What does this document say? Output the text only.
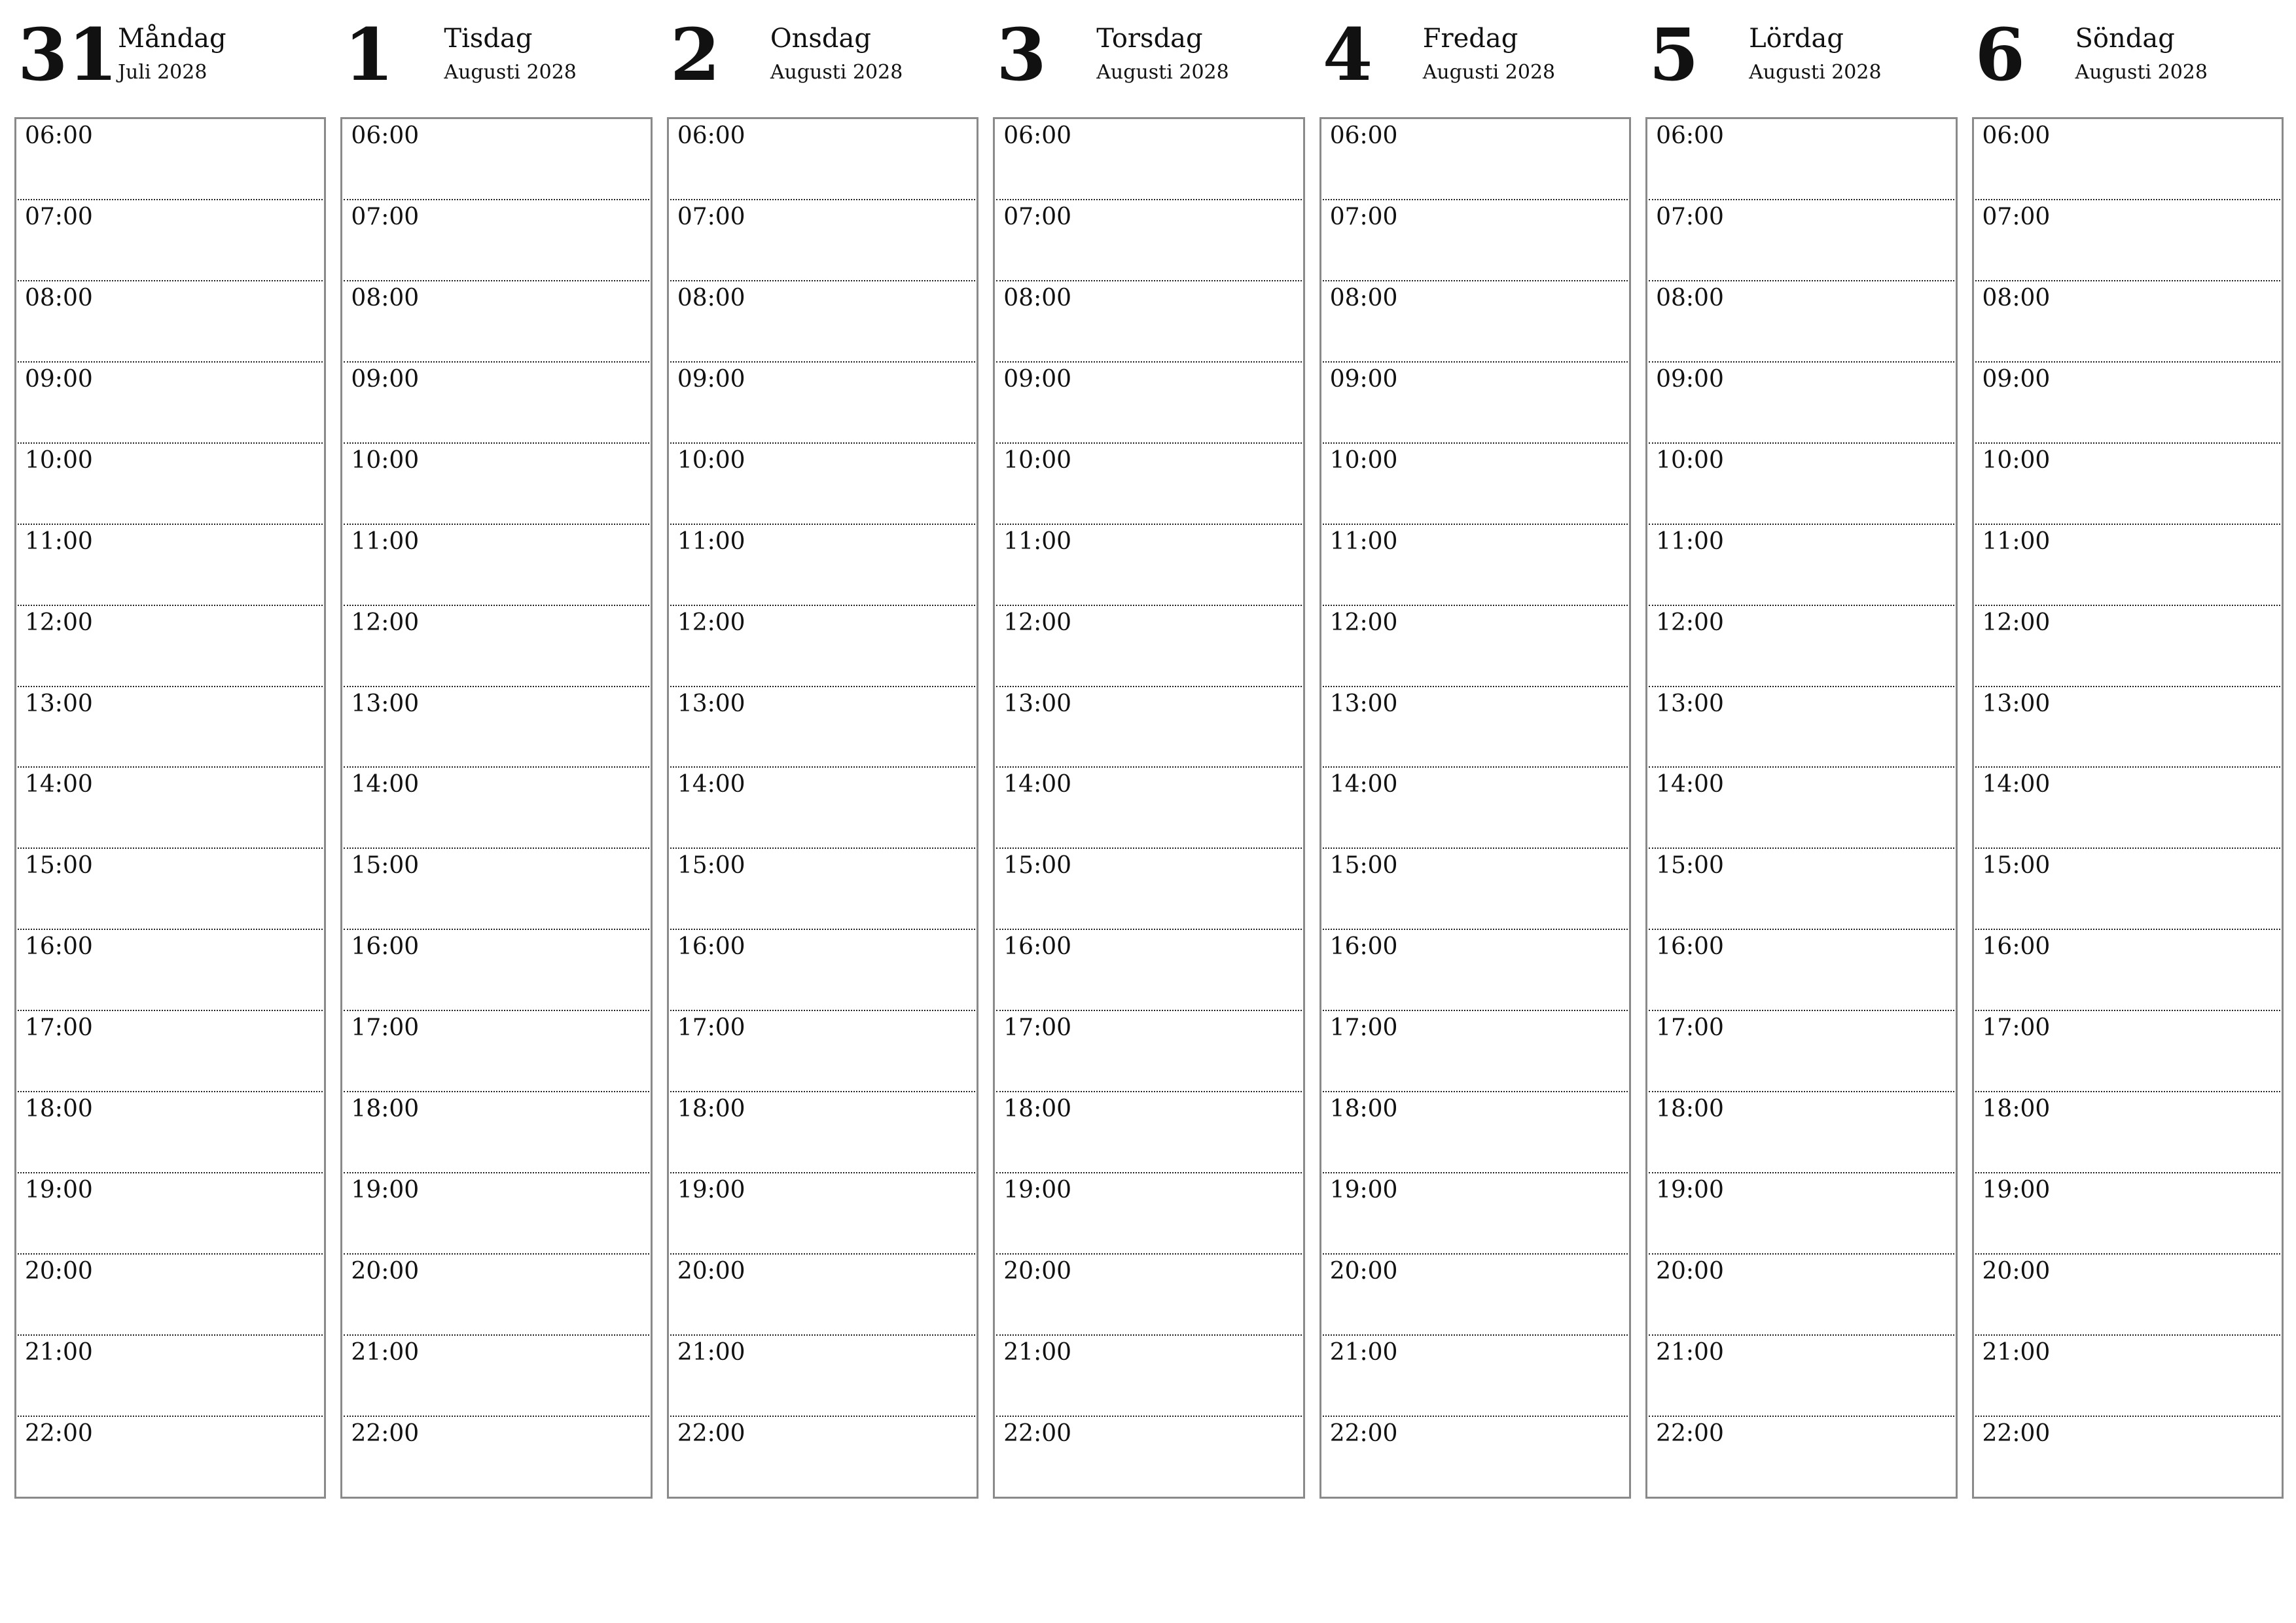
31 Måndag
Juli 2028
06:00
07:00
08:00
09:00
10:00
11:00
12:00
13:00
14:00
15:00
16:00
17:00
18:00
19:00
20:00
21:00
22:00
1 Tisdag
Augusti 2028
06:00
07:00
08:00
09:00
10:00
11:00
12:00
13:00
14:00
15:00
16:00
17:00
18:00
19:00
20:00
21:00
22:00
2 Onsdag
Augusti 2028
06:00
07:00
08:00
09:00
10:00
11:00
12:00
13:00
14:00
15:00
16:00
17:00
18:00
19:00
20:00
21:00
22:00
3 Torsdag
Augusti 2028
06:00
07:00
08:00
09:00
10:00
11:00
12:00
13:00
14:00
15:00
16:00
17:00
18:00
19:00
20:00
21:00
22:00
4 Fredag
Augusti 2028
06:00
07:00
08:00
09:00
10:00
11:00
12:00
13:00
14:00
15:00
16:00
17:00
18:00
19:00
20:00
21:00
22:00
5 Lördag
Augusti 2028
06:00
07:00
08:00
09:00
10:00
11:00
12:00
13:00
14:00
15:00
16:00
17:00
18:00
19:00
20:00
21:00
22:00
6 Söndag
Augusti 2028
06:00
07:00
08:00
09:00
10:00
11:00
12:00
13:00
14:00
15:00
16:00
17:00
18:00
19:00
20:00
21:00
22:00
